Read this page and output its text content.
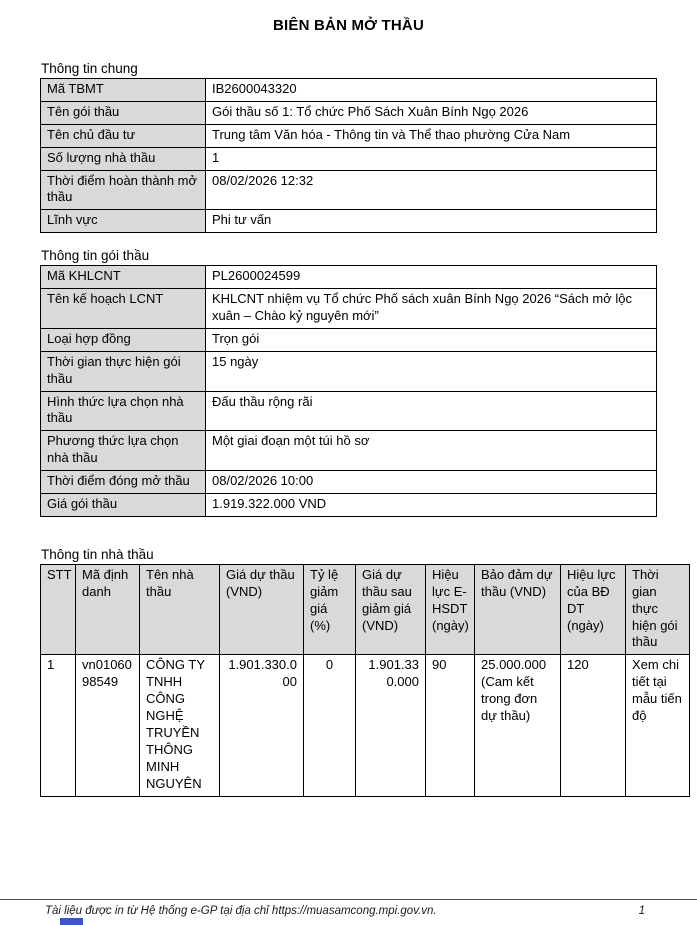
BIÊN BẢN MỞ THẦU
Thông tin chung
Mã TBMT	IB2600043320
Tên gói thầu	Gói thầu số 1: Tổ chức Phố Sách Xuân Bính Ngọ 2026
Tên chủ đầu tư	Trung tâm Văn hóa - Thông tin và Thể thao phường Cửa Nam
Số lượng nhà thầu	1
Thời điểm hoàn thành mở thầu	08/02/2026 12:32
Lĩnh vực	Phi tư vấn
Thông tin gói thầu
Mã KHLCNT	PL2600024599
Tên kế hoạch LCNT	KHLCNT nhiệm vụ Tổ chức Phố sách xuân Bính Ngọ 2026 “Sách mở lộc xuân – Chào kỷ nguyên mới”
Loại hợp đồng	Trọn gói
Thời gian thực hiện gói thầu	15 ngày
Hình thức lựa chọn nhà thầu	Đấu thầu rộng rãi
Phương thức lựa chọn nhà thầu	Một giai đoạn một túi hồ sơ
Thời điểm đóng mở thầu	08/02/2026 10:00
Giá gói thầu	1.919.322.000 VND
Thông tin nhà thầu
STT	Mã định danh	Tên nhà thầu	Giá dự thầu (VND)	Tỷ lệ giảm giá (%)	Giá dự thầu sau giảm giá (VND)	Hiệu lực E-HSDT (ngày)	Bảo đảm dự thầu (VND)	Hiệu lực của BĐ DT (ngày)	Thời gian thực hiện gói thầu
1	vn0106098549	CÔNG TY TNHH CÔNG NGHỆ TRUYỀN THÔNG MINH NGUYÊN	1.901.330.000	0	1.901.330.000	90	25.000.000 (Cam kết trong đơn dự thầu)	120	Xem chi tiết tại mẫu tiến độ
Tài liệu được in từ Hệ thống e-GP tại địa chỉ https://muasamcong.mpi.gov.vn.	1
